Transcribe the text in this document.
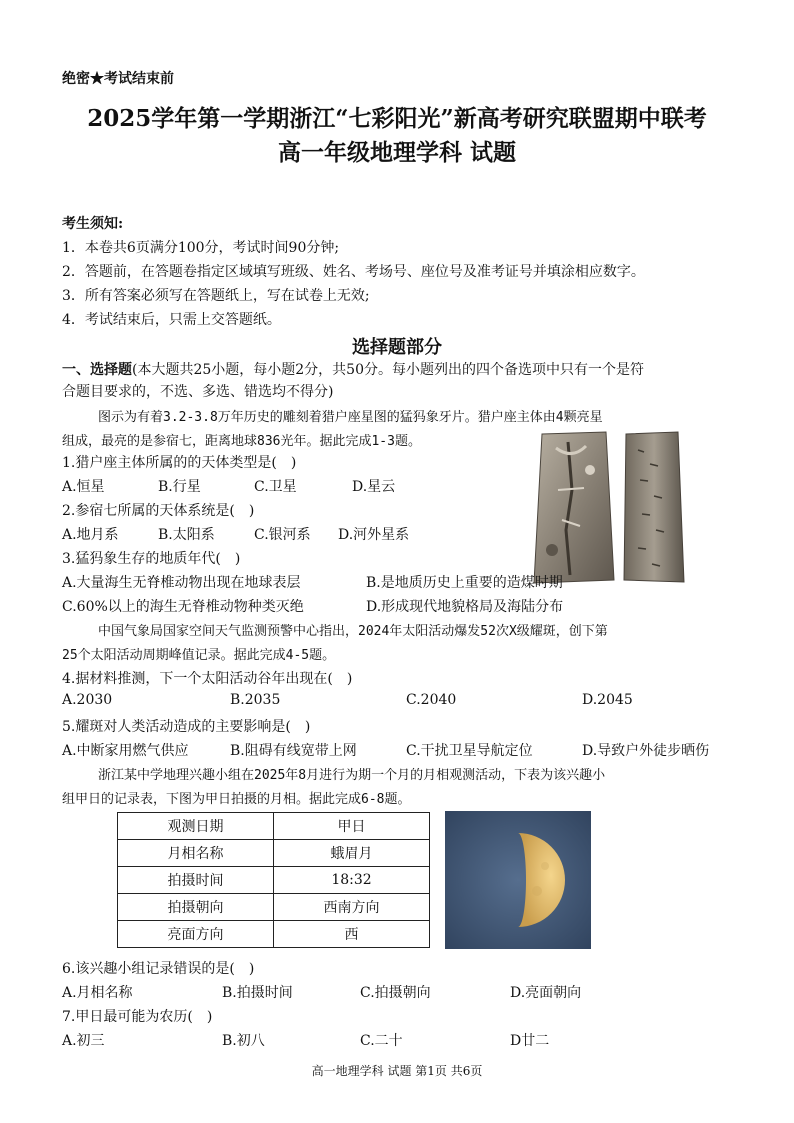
绝密★考试结束前
2025学年第一学期浙江“七彩阳光”新高考研究联盟期中联考
高一年级地理学科 试题
考生须知:
1．本卷共6页满分100分，考试时间90分钟;
2．答题前，在答题卷指定区域填写班级、姓名、考场号、座位号及准考证号并填涂相应数字。
3．所有答案必须写在答题纸上，写在试卷上无效;
4．考试结束后，只需上交答题纸。
选择题部分
一、选择题(本大题共25小题，每小题2分，共50分。每小题列出的四个备选项中只有一个是符
合题目要求的，不选、多选、错选均不得分)
图示为有着3.2-3.8万年历史的雕刻着猎户座星图的猛犸象牙片。猎户座主体由4颗亮星
组成，最亮的是参宿七，距离地球836光年。据此完成1-3题。
1.猎户座主体所属的的天体类型是(　)
A.恒星	B.行星	C.卫星	D.星云
2.参宿七所属的天体系统是(　)
A.地月系	B.太阳系	C.银河系 D.河外星系
3.猛犸象生存的地质年代(　)
A.大量海生无脊椎动物出现在地球表层	B.是地质历史上重要的造煤时期
C.60%以上的海生无脊椎动物种类灭绝	D.形成现代地貌格局及海陆分布
中国气象局国家空间天气监测预警中心指出，2024年太阳活动爆发52次X级耀斑，创下第
25个太阳活动周期峰值记录。据此完成4-5题。
4.据材料推测，下一个太阳活动谷年出现在(　)
A.2030	B.2035	C.2040	D.2045
5.耀斑对人类活动造成的主要影响是(　)
A.中断家用燃气供应	B.阻碍有线宽带上网	C.干扰卫星导航定位	D.导致户外徒步晒伤
浙江某中学地理兴趣小组在2025年8月进行为期一个月的月相观测活动，下表为该兴趣小
组甲日的记录表，下图为甲日拍摄的月相。据此完成6-8题。
观测日期	甲日
月相名称	蛾眉月
拍摄时间	18:32
拍摄朝向	西南方向
亮面方向	西
6.该兴趣小组记录错误的是(　)
A.月相名称	B.拍摄时间	C.拍摄朝向	D.亮面朝向
7.甲日最可能为农历(　)
A.初三	B.初八	C.二十	D廿二
高一地理学科 试题 第1页 共6页
